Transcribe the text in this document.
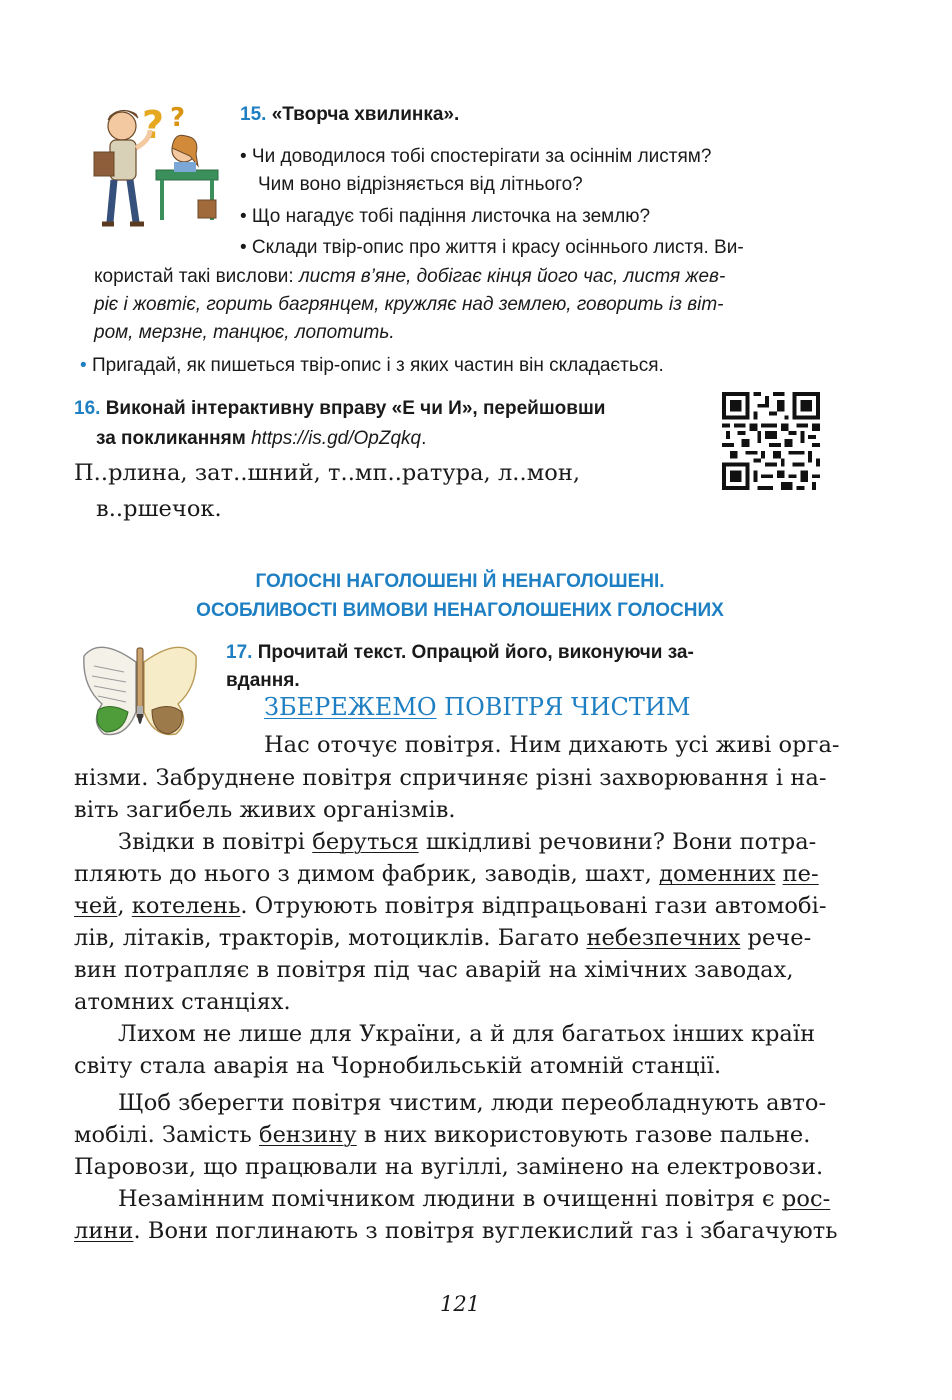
? ?	15. «Творча хвилинка».
• Чи доводилося тобі спостерігати за осіннім листям?
Чим воно відрізняється від літнього?
• Що нагадує тобі падіння листочка на землю?
• Склади твір-опис про життя і красу осіннього листя. Ви-
користай такі вислови: листя в’яне, добігає кінця його час, листя жев-
ріє і жовтіє, горить багрянцем, кружляє над землею, говорить із віт-
ром, мерзне, танцює, лопотить.
• Пригадай, як пишеться твір-опис і з яких частин він складається.
16. Виконай інтерактивну вправу «Е чи И», перейшовши
за покликанням https://is.gd/OpZqkq.
П..рлина, зат..шний, т..мп..ратура, л..мон,
в..ршечок.
ГОЛОСНІ НАГОЛОШЕНІ Й НЕНАГОЛОШЕНІ.
ОСОБЛИВОСТІ ВИМОВИ НЕНАГОЛОШЕНИХ ГОЛОСНИХ
17. Прочитай текст. Опрацюй його, виконуючи за-
вдання.
ЗБЕРЕЖЕМО ПОВІТРЯ ЧИСТИМ
Нас оточує повітря. Ним дихають усі живі орга-
нізми. Забруднене повітря спричиняє різні захворювання і на-
віть загибель живих організмів.
Звідки в повітрі беруться шкідливі речовини? Вони потра-
пляють до нього з димом фабрик, заводів, шахт, доменних пе-
чей, котелень. Отруюють повітря відпрацьовані гази автомобі-
лів, літаків, тракторів, мотоциклів. Багато небезпечних рече-
вин потрапляє в повітря під час аварій на хімічних заводах,
атомних станціях.
Лихом не лише для України, а й для багатьох інших країн
світу стала аварія на Чорнобильській атомній станції.
Щоб зберегти повітря чистим, люди переобладнують авто-
мобілі. Замість бензину в них використовують газове пальне.
Паровози, що працювали на вугіллі, замінено на електровози.
Незамінним помічником людини в очищенні повітря є рос-
лини. Вони поглинають з повітря вуглекислий газ і збагачують
121
